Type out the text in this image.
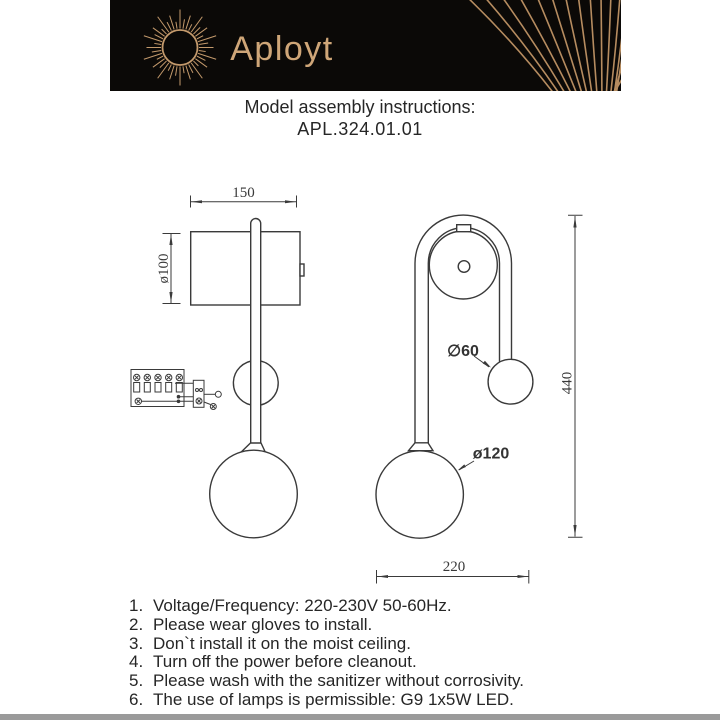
Aployt
Model assembly instructions:
APL.324.01.01
150
ø100
∅60
ø120
440
220
1. Voltage/Frequency: 220-230V 50-60Hz.
2. Please wear gloves to install.
3. Don`t install it on the moist ceiling.
4. Turn off the power before cleanout.
5. Please wash with the sanitizer without corrosivity.
6. The use of lamps is permissible: G9 1x5W LED.
